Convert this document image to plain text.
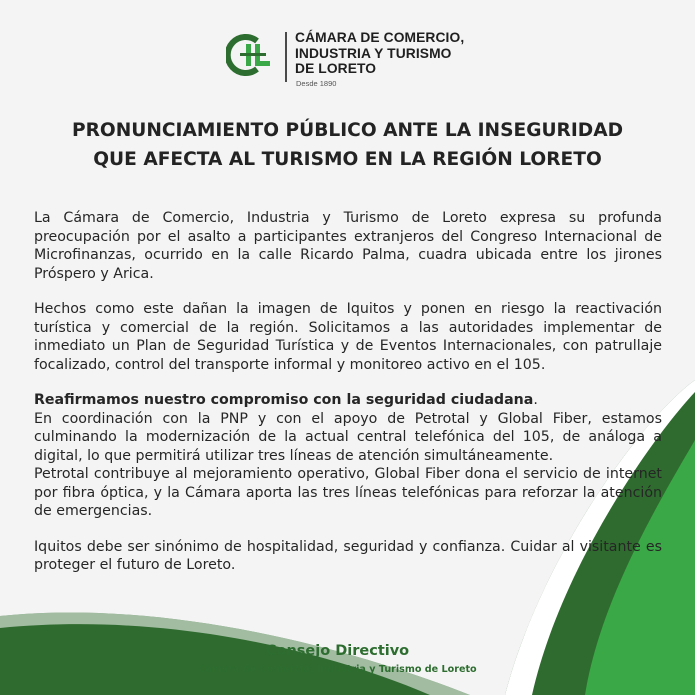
CÁMARA DE COMERCIO,
INDUSTRIA Y TURISMO
DE LORETO

Desde 1890
PRONUNCIAMIENTO PÚBLICO ANTE LA INSEGURIDAD
QUE AFECTA AL TURISMO EN LA REGIÓN LORETO

La Cámara de Comercio, Industria y Turismo de Loreto expresa su profunda preocupación por el asalto a participantes extranjeros del Congreso Internacional de Microfinanzas, ocurrido en la calle Ricardo Palma, cuadra ubicada entre los jirones Próspero y Arica.

Hechos como este dañan la imagen de Iquitos y ponen en riesgo la reactivación turística y comercial de la región. Solicitamos a las autoridades implementar de inmediato un Plan de Seguridad Turística y de Eventos Internacionales, con patrullaje focalizado, control del transporte informal y monitoreo activo en el 105.

Reafirmamos nuestro compromiso con la seguridad ciudadana.
En coordinación con la PNP y con el apoyo de Petrotal y Global Fiber, estamos culminando la modernización de la actual central telefónica del 105, de análoga a digital, lo que permitirá utilizar tres líneas de atención simultáneamente.
Petrotal contribuye al mejoramiento operativo, Global Fiber dona el servicio de internet por fibra óptica, y la Cámara aporta las tres líneas telefónicas para reforzar la atención de emergencias.

Iquitos debe ser sinónimo de hospitalidad, seguridad y confianza. Cuidar al visitante es proteger el futuro de Loreto.

Consejo Directivo

Cámara de Comercio, Industria y Turismo de Loreto
